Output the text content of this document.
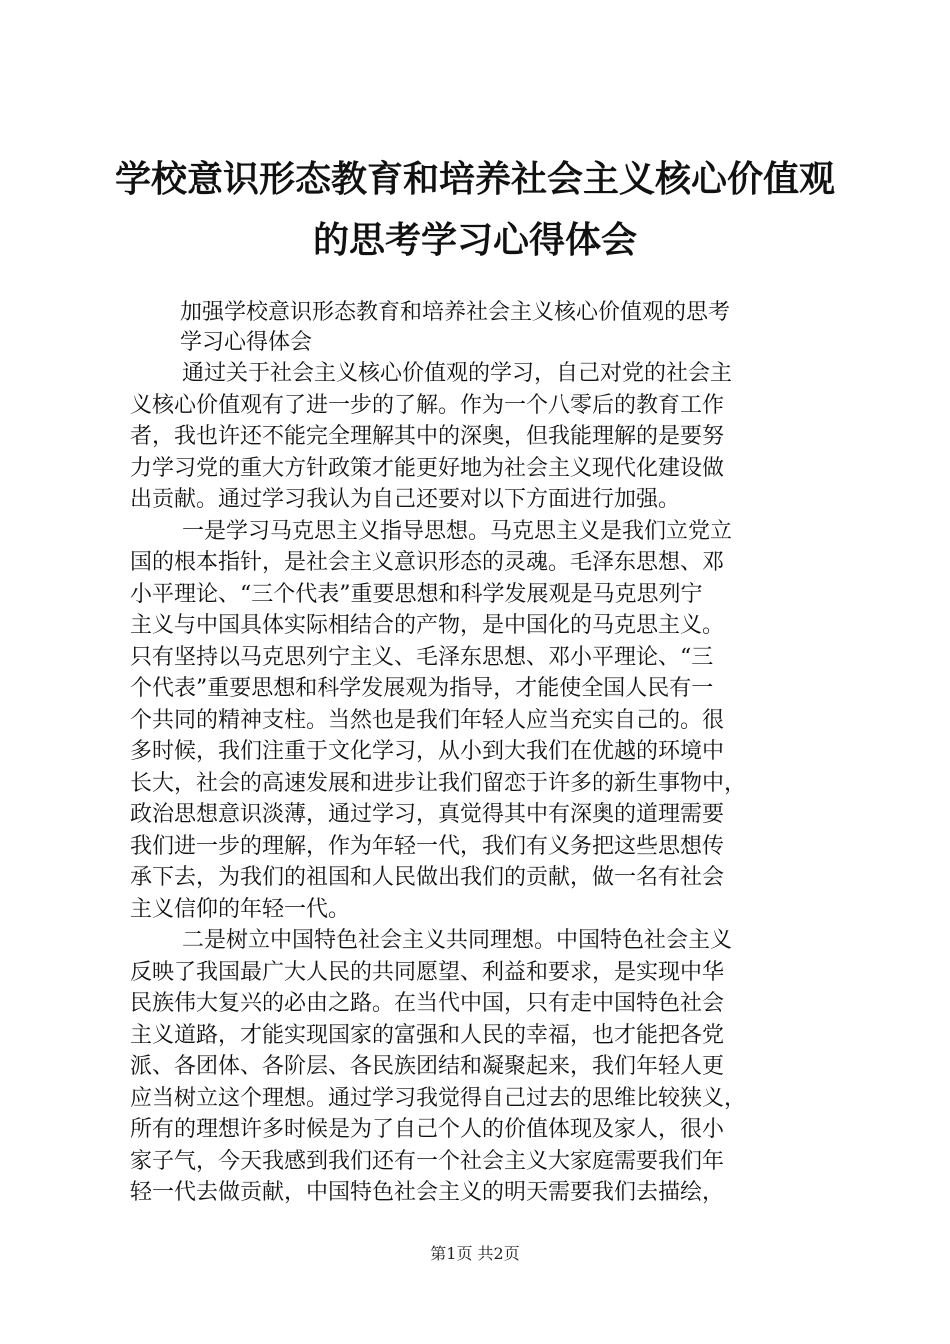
学校意识形态教育和培养社会主义核心价值观
的思考学习心得体会
加强学校意识形态教育和培养社会主义核心价值观的思考
学习心得体会
通过关于社会主义核心价值观的学习，自己对党的社会主
义核心价值观有了进一步的了解。作为一个八零后的教育工作
者，我也许还不能完全理解其中的深奥，但我能理解的是要努
力学习党的重大方针政策才能更好地为社会主义现代化建设做
出贡献。通过学习我认为自己还要对以下方面进行加强。
一是学习马克思主义指导思想。马克思主义是我们立党立
国的根本指针，是社会主义意识形态的灵魂。毛泽东思想、邓
小平理论、“三个代表”重要思想和科学发展观是马克思列宁
主义与中国具体实际相结合的产物，是中国化的马克思主义。
只有坚持以马克思列宁主义、毛泽东思想、邓小平理论、“三
个代表”重要思想和科学发展观为指导，才能使全国人民有一
个共同的精神支柱。当然也是我们年轻人应当充实自己的。很
多时候，我们注重于文化学习，从小到大我们在优越的环境中
长大，社会的高速发展和进步让我们留恋于许多的新生事物中，
政治思想意识淡薄，通过学习，真觉得其中有深奥的道理需要
我们进一步的理解，作为年轻一代，我们有义务把这些思想传
承下去，为我们的祖国和人民做出我们的贡献，做一名有社会
主义信仰的年轻一代。
二是树立中国特色社会主义共同理想。中国特色社会主义
反映了我国最广大人民的共同愿望、利益和要求，是实现中华
民族伟大复兴的必由之路。在当代中国，只有走中国特色社会
主义道路，才能实现国家的富强和人民的幸福，也才能把各党
派、各团体、各阶层、各民族团结和凝聚起来，我们年轻人更
应当树立这个理想。通过学习我觉得自己过去的思维比较狭义，
所有的理想许多时候是为了自己个人的价值体现及家人，很小
家子气，今天我感到我们还有一个社会主义大家庭需要我们年
轻一代去做贡献，中国特色社会主义的明天需要我们去描绘，
第1页 共2页
